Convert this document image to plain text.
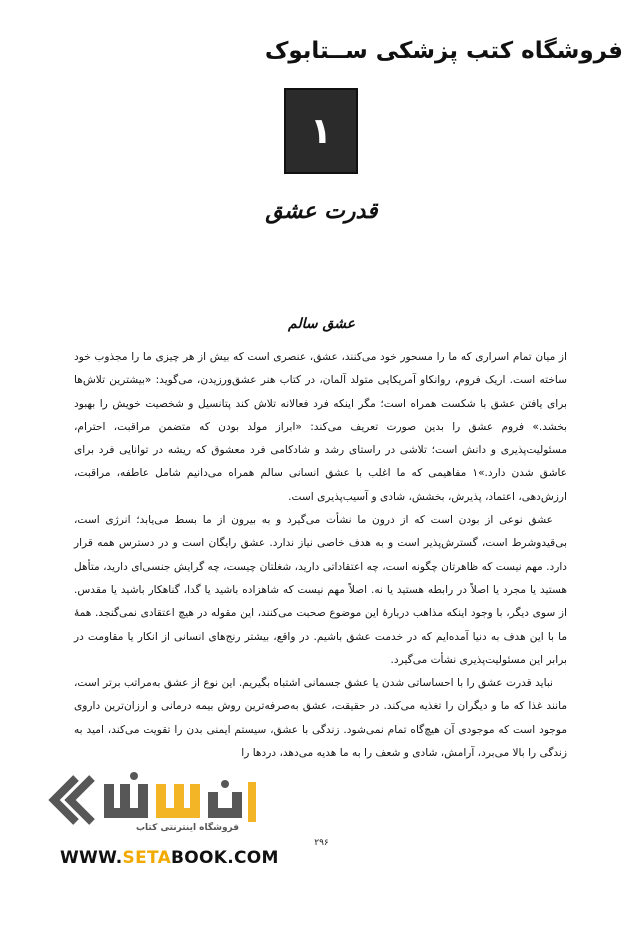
فروشگاه کتب پزشکی ســتابوک
۱
قدرت عشق
عشق سالم

از میان تمام اسراری که ما را مسحور خود می‌کنند، عشق، عنصری است که بیش از هر چیزی ما را مجذوب خود ساخته است. اریک فروم، روانکاو آمریکایی متولد آلمان، در کتاب هنر عشق‌ورزیدن، می‌گوید: «بیشترین تلاش‌ها برای یافتن عشق با شکست همراه است؛ مگر اینکه فرد فعالانه تلاش کند پتانسیل و شخصیت خویش را بهبود بخشد.» فروم عشق را بدین صورت تعریف می‌کند: «ابراز مولد بودن که متضمن مراقبت، احترام، مسئولیت‌پذیری و دانش است؛ تلاشی در راستای رشد و شادکامی فرد معشوق که ریشه در توانایی فرد برای عاشق شدن دارد.»۱ مفاهیمی که ما اغلب با عشق انسانی سالم همراه می‌دانیم شامل عاطفه، مراقبت، ارزش‌دهی، اعتماد، پذیرش، بخشش، شادی و آسیب‌پذیری است.

عشق نوعی از بودن است که از درون ما نشأت می‌گیرد و به بیرون از ما بسط می‌یابد؛ انرژی است، بی‌قیدوشرط است، گسترش‌پذیر است و به هدف خاصی نیاز ندارد. عشق رایگان است و در دسترس همه قرار دارد. مهم نیست که ظاهرتان چگونه است، چه اعتقاداتی دارید، شغلتان چیست، چه گرایش جنسی‌ای دارید، متأهل هستید یا مجرد یا اصلاً در رابطه هستید یا نه. اصلاً مهم نیست که شاهزاده باشید یا گدا، گناهکار باشید یا مقدس. از سوی دیگر، با وجود اینکه مذاهب دربارهٔ این موضوع صحبت می‌کنند، این مقوله در هیچ اعتقادی نمی‌گنجد. همهٔ ما با این هدف به دنیا آمده‌ایم که در خدمت عشق باشیم. در واقع، بیشتر رنج‌های انسانی از انکار یا مقاومت در برابر این مسئولیت‌پذیری نشأت می‌گیرد.

نباید قدرت عشق را با احساساتی شدن یا عشق جسمانی اشتباه بگیریم. این نوع از عشق به‌مراتب برتر است، مانند غذا که ما و دیگران را تغذیه می‌کند. در حقیقت، عشق به‌صرفه‌ترین روش بیمه درمانی و ارزان‌ترین داروی موجود است که موجودی آن هیچ‌گاه تمام نمی‌شود. زندگی با عشق، سیستم ایمنی بدن را تقویت می‌کند، امید به زندگی را بالا می‌برد، آرامش، شادی و شعف را به ما هدیه می‌دهد، دردها را

فروشگاه اینترنتی کتاب
۲۹۶
WWW.SETABOOK.COM
